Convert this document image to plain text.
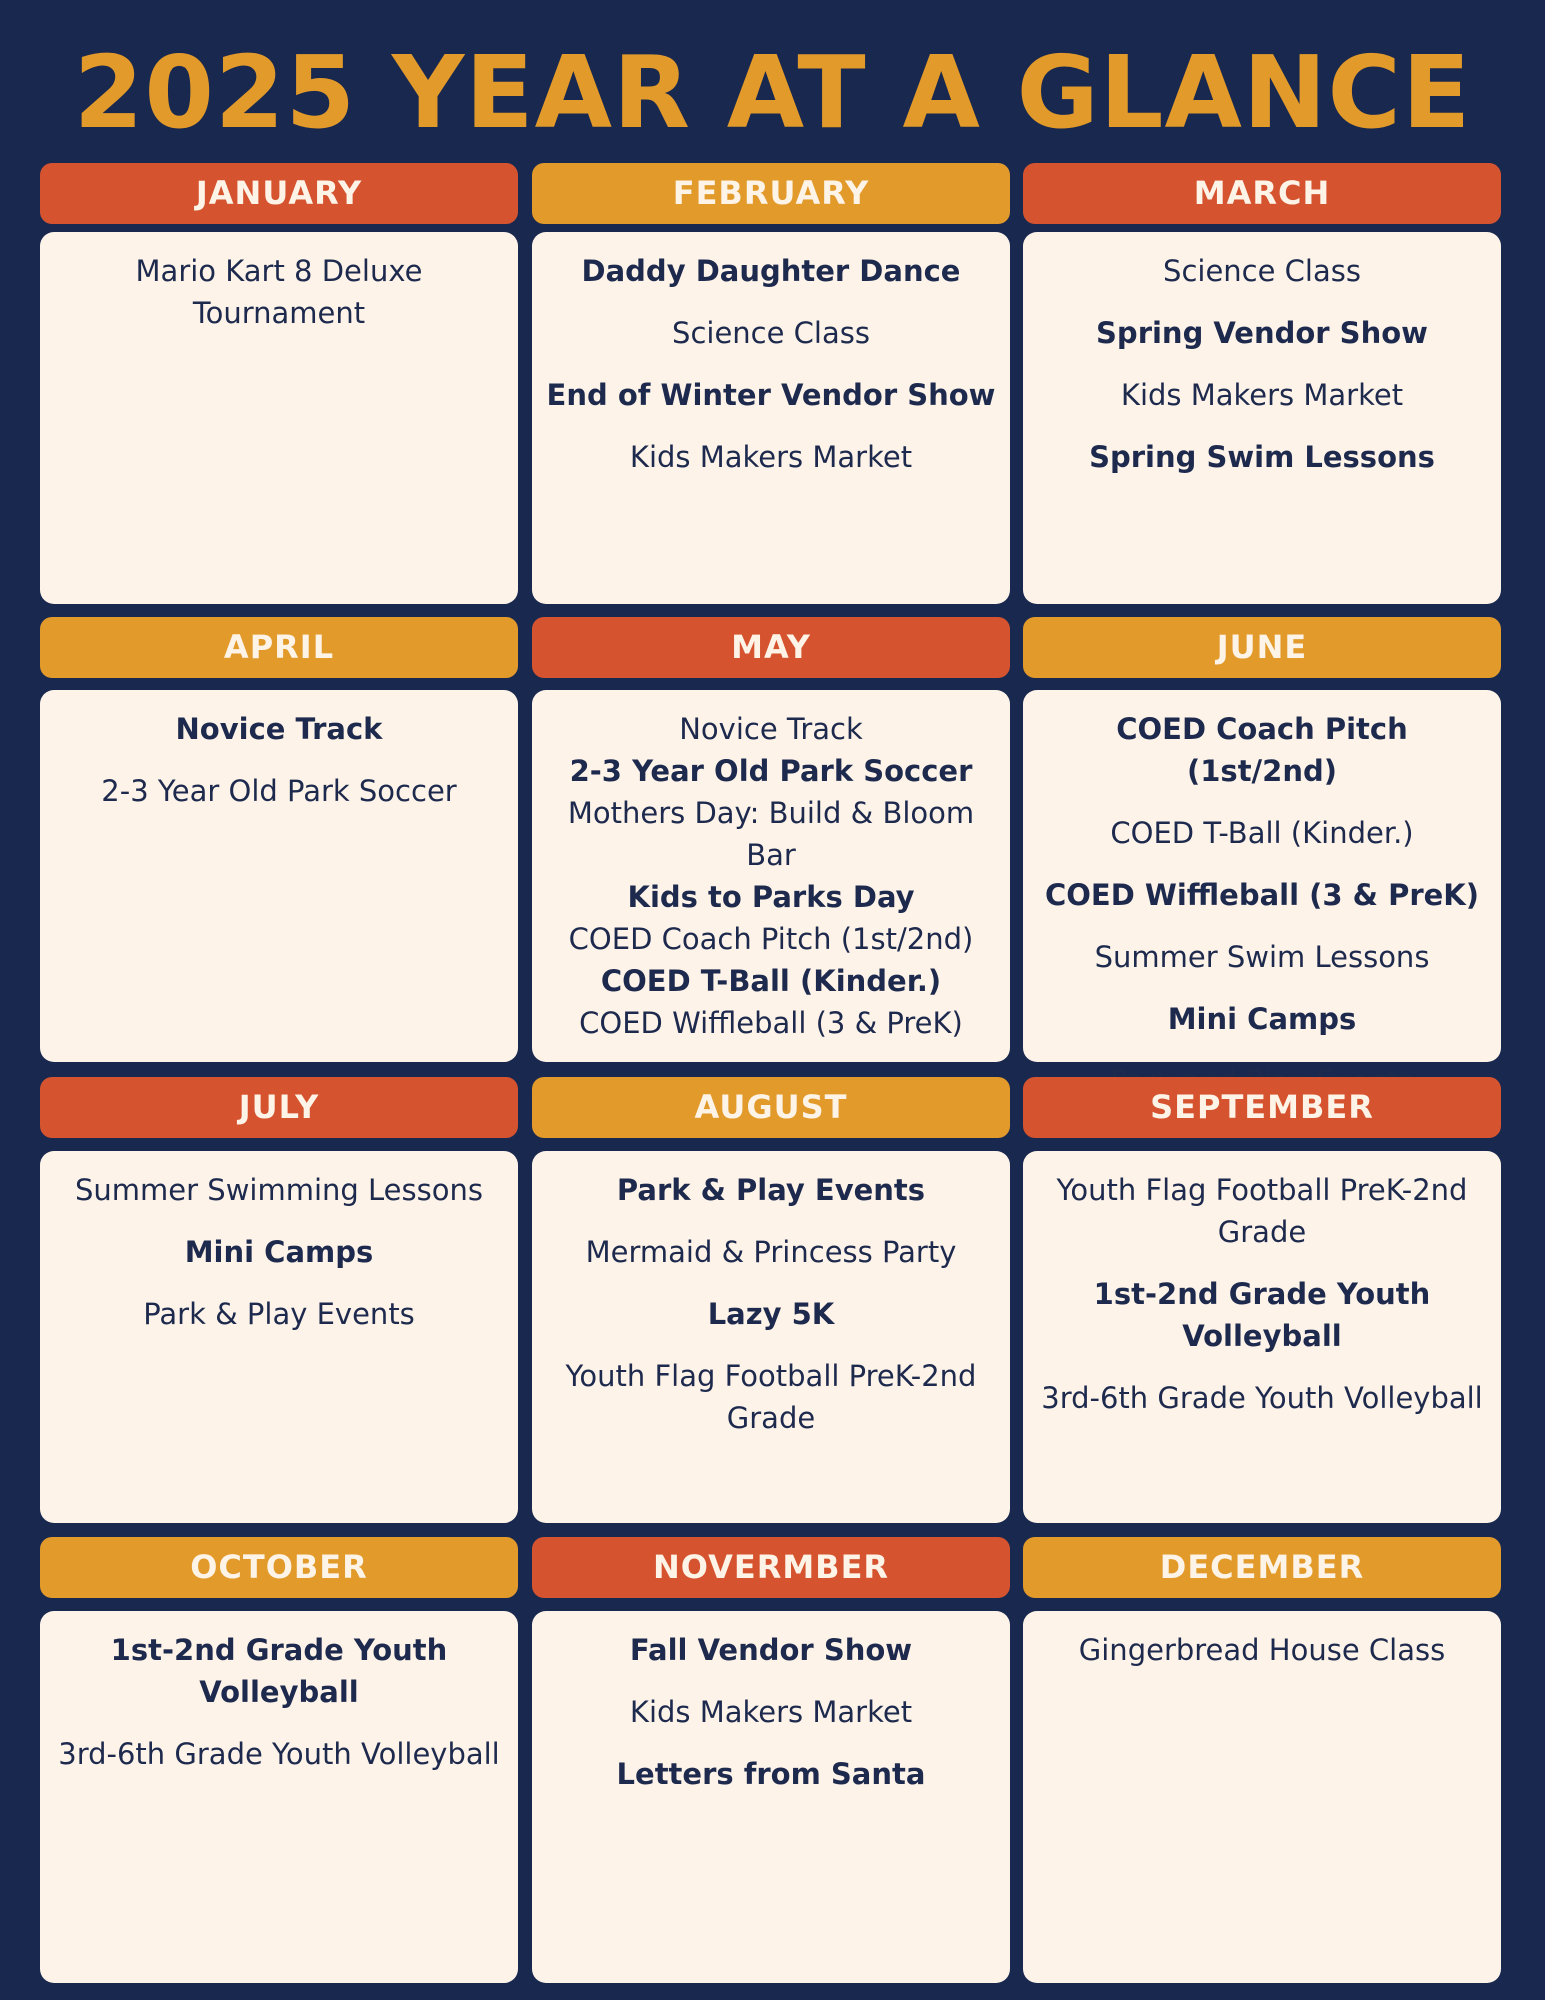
2025 YEAR AT A GLANCE
JANUARY
Mario Kart 8 Deluxe Tournament
FEBRUARY
Daddy Daughter Dance
Science Class
End of Winter Vendor Show
Kids Makers Market
MARCH
Science Class
Spring Vendor Show
Kids Makers Market
Spring Swim Lessons
APRIL
Novice Track
2-3 Year Old Park Soccer
MAY
Novice Track
2-3 Year Old Park Soccer
Mothers Day: Build & Bloom Bar
Kids to Parks Day
COED Coach Pitch (1st/2nd)
COED T-Ball (Kinder.)
COED Wiffleball (3 & PreK)
JUNE
COED Coach Pitch (1st/2nd)
COED T-Ball (Kinder.)
COED Wiffleball (3 & PreK)
Summer Swim Lessons
Mini Camps
JULY
Summer Swimming Lessons
Mini Camps
Park & Play Events
AUGUST
Park & Play Events
Mermaid & Princess Party
Lazy 5K
Youth Flag Football PreK-2nd Grade
SEPTEMBER
Youth Flag Football PreK-2nd Grade
1st-2nd Grade Youth Volleyball
3rd-6th Grade Youth Volleyball
OCTOBER
1st-2nd Grade Youth Volleyball
3rd-6th Grade Youth Volleyball
NOVERMBER
Fall Vendor Show
Kids Makers Market
Letters from Santa
DECEMBER
Gingerbread House Class
